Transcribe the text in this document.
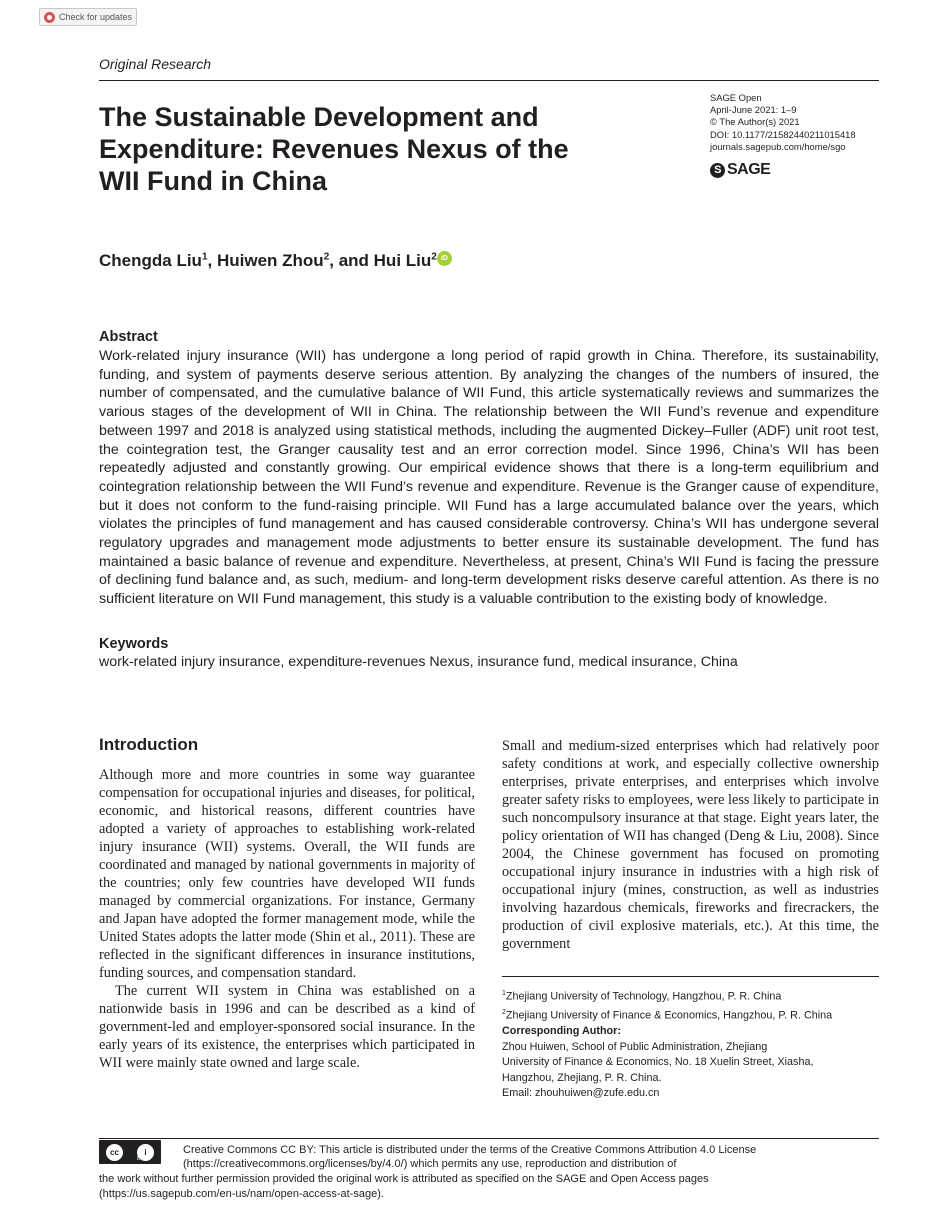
Check for updates
Original Research
SAGE Open
April-June 2021: 1–9
© The Author(s) 2021
DOI: 10.1177/21582440211015418
journals.sagepub.com/home/sgo
S SAGE
The Sustainable Development and
Expenditure: Revenues Nexus of the
WII Fund in China
Chengda Liu$^1$, Huiwen Zhou$^2$, and Hui Liu$^2$ iD
Abstract

Work-related injury insurance (WII) has undergone a long period of rapid growth in China. Therefore, its sustainability, funding, and system of payments deserve serious attention. By analyzing the changes of the numbers of insured, the number of compensated, and the cumulative balance of WII Fund, this article systematically reviews and summarizes the various stages of the development of WII in China. The relationship between the WII Fund’s revenue and expenditure between 1997 and 2018 is analyzed using statistical methods, including the augmented Dickey–Fuller (ADF) unit root test, the cointegration test, the Granger causality test and an error correction model. Since 1996, China’s WII has been repeatedly adjusted and constantly growing. Our empirical evidence shows that there is a long-term equilibrium and cointegration relationship between the WII Fund’s revenue and expenditure. Revenue is the Granger cause of expenditure, but it does not conform to the fund-raising principle. WII Fund has a large accumulated balance over the years, which violates the principles of fund management and has caused considerable controversy. China’s WII has undergone several regulatory upgrades and management mode adjustments to better ensure its sustainable development. The fund has maintained a basic balance of revenue and expenditure. Nevertheless, at present, China’s WII Fund is facing the pressure of declining fund balance and, as such, medium- and long-term development risks deserve careful attention. As there is no sufficient literature on WII Fund management, this study is a valuable contribution to the existing body of knowledge.

Keywords
work-related injury insurance, expenditure-revenues Nexus, insurance fund, medical insurance, China
Introduction

Although more and more countries in some way guarantee compensation for occupational injuries and diseases, for political, economic, and historical reasons, different countries have adopted a variety of approaches to establishing work-related injury insurance (WII) systems. Overall, the WII funds are coordinated and managed by national governments in majority of the countries; only few countries have developed WII funds managed by commercial organizations. For instance, Germany and Japan have adopted the former management mode, while the United States adopts the latter mode (Shin et al., 2011). These are reflected in the significant differences in insurance institutions, funding sources, and compensation standard.

The current WII system in China was established on a nationwide basis in 1996 and can be described as a kind of government-led and employer-sponsored social insurance. In the early years of its existence, the enterprises which participated in WII were mainly state owned and large scale.

Small and medium-sized enterprises which had relatively poor safety conditions at work, and especially collective ownership enterprises, private enterprises, and enterprises which involve greater safety risks to employees, were less likely to participate in such noncompulsory insurance at that stage. Eight years later, the policy orientation of WII has changed (Deng & Liu, 2008). Since 2004, the Chinese government has focused on promoting occupational injury insurance in industries with a high risk of occupational injury (mines, construction, as well as industries involving hazardous chemicals, fireworks and firecrackers, the production of civil explosive materials, etc.). At this time, the government

$^1$Zhejiang University of Technology, Hangzhou, P. R. China
$^2$Zhejiang University of Finance & Economics, Hangzhou, P. R. China
Corresponding Author:
Zhou Huiwen, School of Public Administration, Zhejiang
University of Finance & Economics, No. 18 Xuelin Street, Xiasha,
Hangzhou, Zhejiang, P. R. China.
Email: zhouhuiwen@zufe.edu.cn
cc	i
BY
Creative Commons CC BY: This article is distributed under the terms of the Creative Commons Attribution 4.0 License
(https://creativecommons.org/licenses/by/4.0/) which permits any use, reproduction and distribution of
the work without further permission provided the original work is attributed as specified on the SAGE and Open Access pages
(https://us.sagepub.com/en-us/nam/open-access-at-sage).
